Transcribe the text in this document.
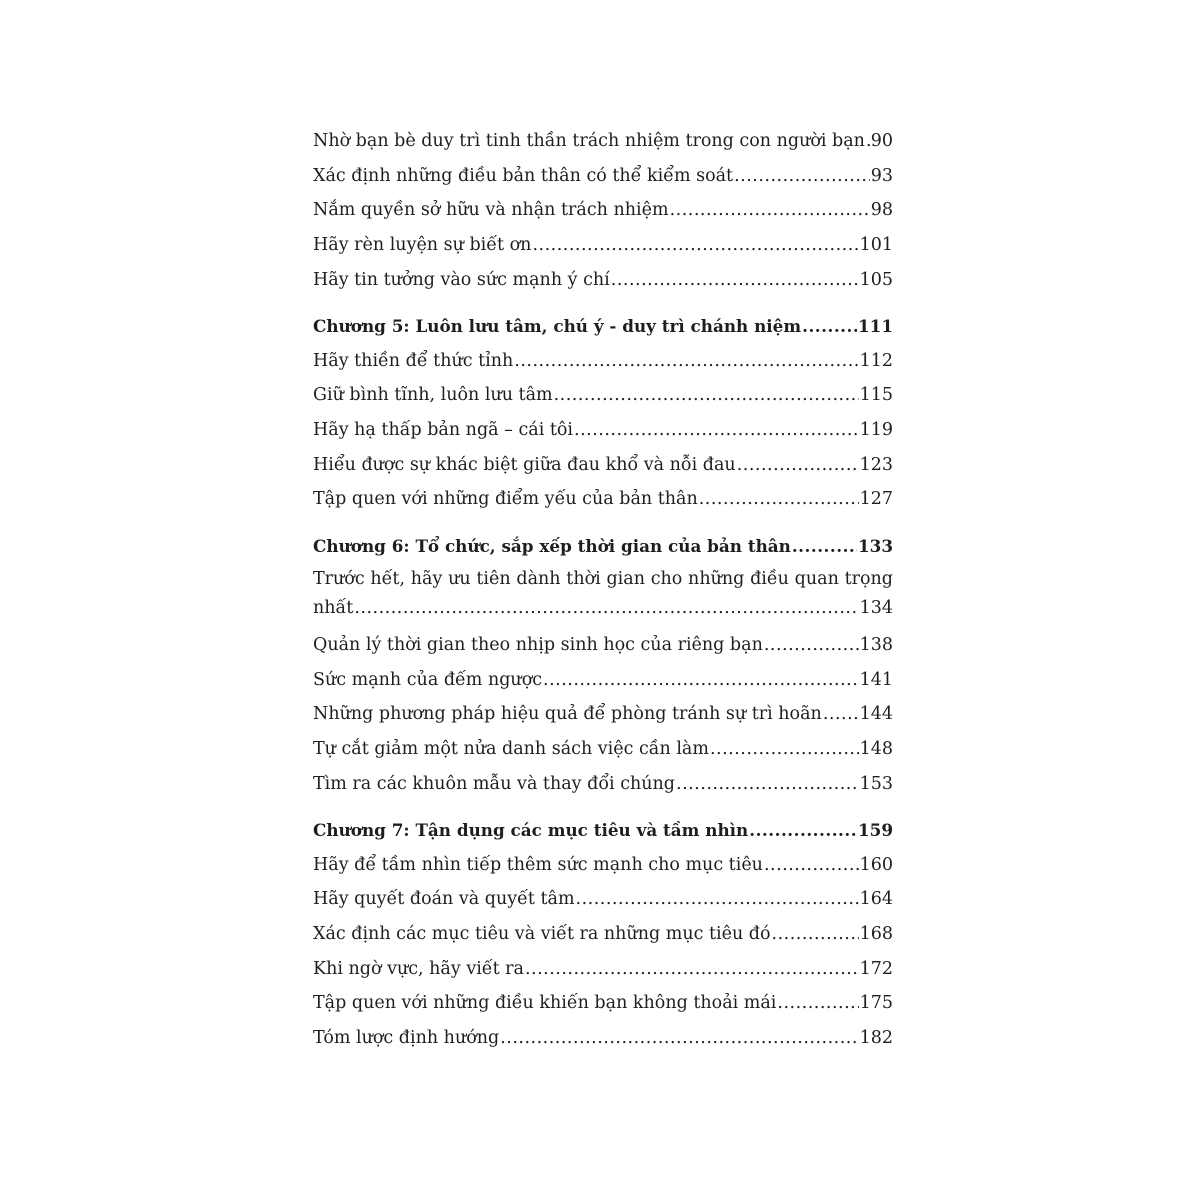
Nhờ bạn bè duy trì tinh thần trách nhiệm trong con người bạn ..... 90
Xác định những điều bản thân có thể kiểm soát .....	93
Nắm quyền sở hữu và nhận trách nhiệm .....	98
Hãy rèn luyện sự biết ơn .....	101
Hãy tin tưởng vào sức mạnh ý chí .....	105
Chương 5: Luôn lưu tâm, chú ý - duy trì chánh niệm .....	111
Hãy thiền để thức tỉnh .....	112
Giữ bình tĩnh, luôn lưu tâm .....	115
Hãy hạ thấp bản ngã – cái tôi .....	119
Hiểu được sự khác biệt giữa đau khổ và nỗi đau .....	123
Tập quen với những điểm yếu của bản thân .....	127
Chương 6: Tổ chức, sắp xếp thời gian của bản thân .....	133
Trước hết, hãy ưu tiên dành thời gian cho những điều quan trọng
nhất .....	134
Quản lý thời gian theo nhịp sinh học của riêng bạn .....	138
Sức mạnh của đếm ngược .....	141
Những phương pháp hiệu quả để phòng tránh sự trì hoãn ..... 144
Tự cắt giảm một nửa danh sách việc cần làm .....	148
Tìm ra các khuôn mẫu và thay đổi chúng .....	153
Chương 7: Tận dụng các mục tiêu và tầm nhìn .....	159
Hãy để tầm nhìn tiếp thêm sức mạnh cho mục tiêu .....	160
Hãy quyết đoán và quyết tâm .....	164
Xác định các mục tiêu và viết ra những mục tiêu đó .....	168
Khi ngờ vực, hãy viết ra .....	172
Tập quen với những điều khiến bạn không thoải mái .....	175
Tóm lược định hướng .....	182
